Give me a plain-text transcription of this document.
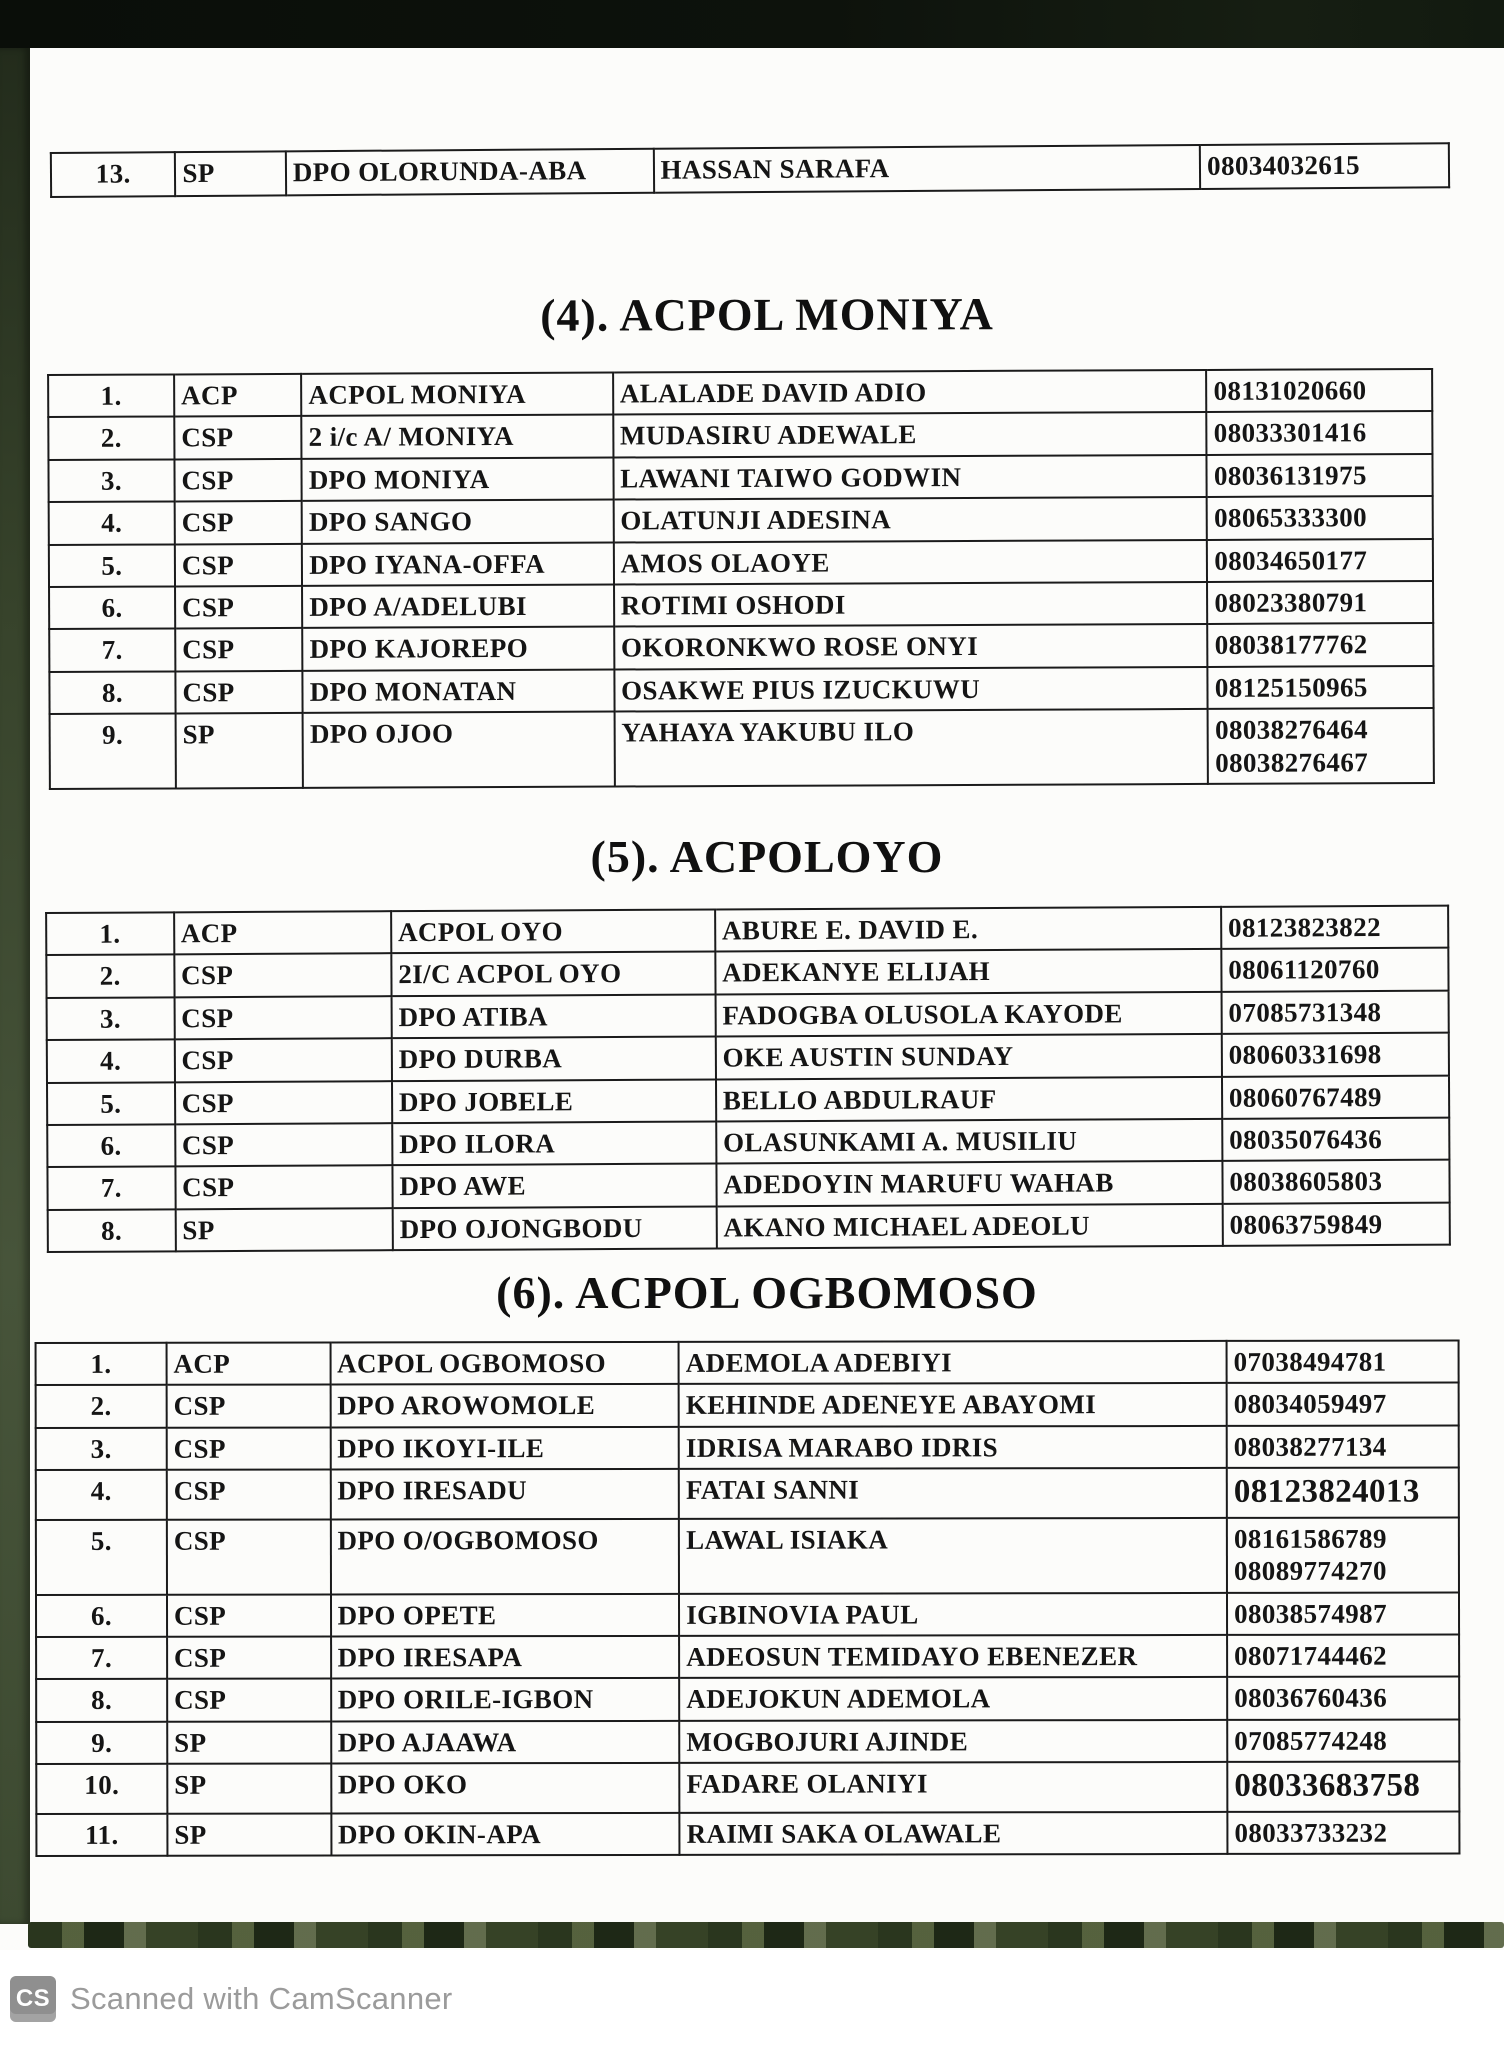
13.	SP	DPO OLORUNDA-ABA	HASSAN SARAFA	08034032615
(4). ACPOL MONIYA
1.	ACP	ACPOL MONIYA	ALALADE DAVID ADIO	08131020660

2.	CSP	2 i/c A/ MONIYA	MUDASIRU ADEWALE	08033301416

3.	CSP	DPO MONIYA	LAWANI TAIWO GODWIN	08036131975

4.	CSP	DPO SANGO	OLATUNJI ADESINA	08065333300

5.	CSP	DPO IYANA-OFFA	AMOS OLAOYE	08034650177

6.	CSP	DPO A/ADELUBI	ROTIMI OSHODI	08023380791

7.	CSP	DPO KAJOREPO	OKORONKWO ROSE ONYI	08038177762

8.	CSP	DPO MONATAN	OSAKWE PIUS IZUCKUWU	08125150965

9.	SP	DPO OJOO	YAHAYA YAKUBU ILO	08038276464
08038276467
(5). ACPOLOYO
1.	ACP	ACPOL OYO	ABURE E. DAVID E.	08123823822

2.	CSP	2I/C ACPOL OYO	ADEKANYE ELIJAH	08061120760

3.	CSP	DPO ATIBA	FADOGBA OLUSOLA KAYODE	07085731348

4.	CSP	DPO DURBA	OKE AUSTIN SUNDAY	08060331698

5.	CSP	DPO JOBELE	BELLO ABDULRAUF	08060767489

6.	CSP	DPO ILORA	OLASUNKAMI A. MUSILIU	08035076436

7.	CSP	DPO AWE	ADEDOYIN MARUFU WAHAB	08038605803

8.	SP	DPO OJONGBODU	AKANO MICHAEL ADEOLU	08063759849
(6). ACPOL OGBOMOSO
1.	ACP	ACPOL OGBOMOSO	ADEMOLA ADEBIYI	07038494781

2.	CSP	DPO AROWOMOLE	KEHINDE ADENEYE ABAYOMI	08034059497

3.	CSP	DPO IKOYI-ILE	IDRISA MARABO IDRIS	08038277134

4.	CSP	DPO IRESADU	FATAI SANNI	08123824013

5.	CSP	DPO O/OGBOMOSO	LAWAL ISIAKA	08161586789
08089774270

6.	CSP	DPO OPETE	IGBINOVIA PAUL	08038574987

7.	CSP	DPO IRESAPA	ADEOSUN TEMIDAYO EBENEZER	08071744462

8.	CSP	DPO ORILE-IGBON	ADEJOKUN ADEMOLA	08036760436

9.	SP	DPO AJAAWA	MOGBOJURI AJINDE	07085774248

10.	SP	DPO OKO	FADARE OLANIYI	08033683758

11.	SP	DPO OKIN-APA	RAIMI SAKA OLAWALE	08033733232
CS Scanned with CamScanner
